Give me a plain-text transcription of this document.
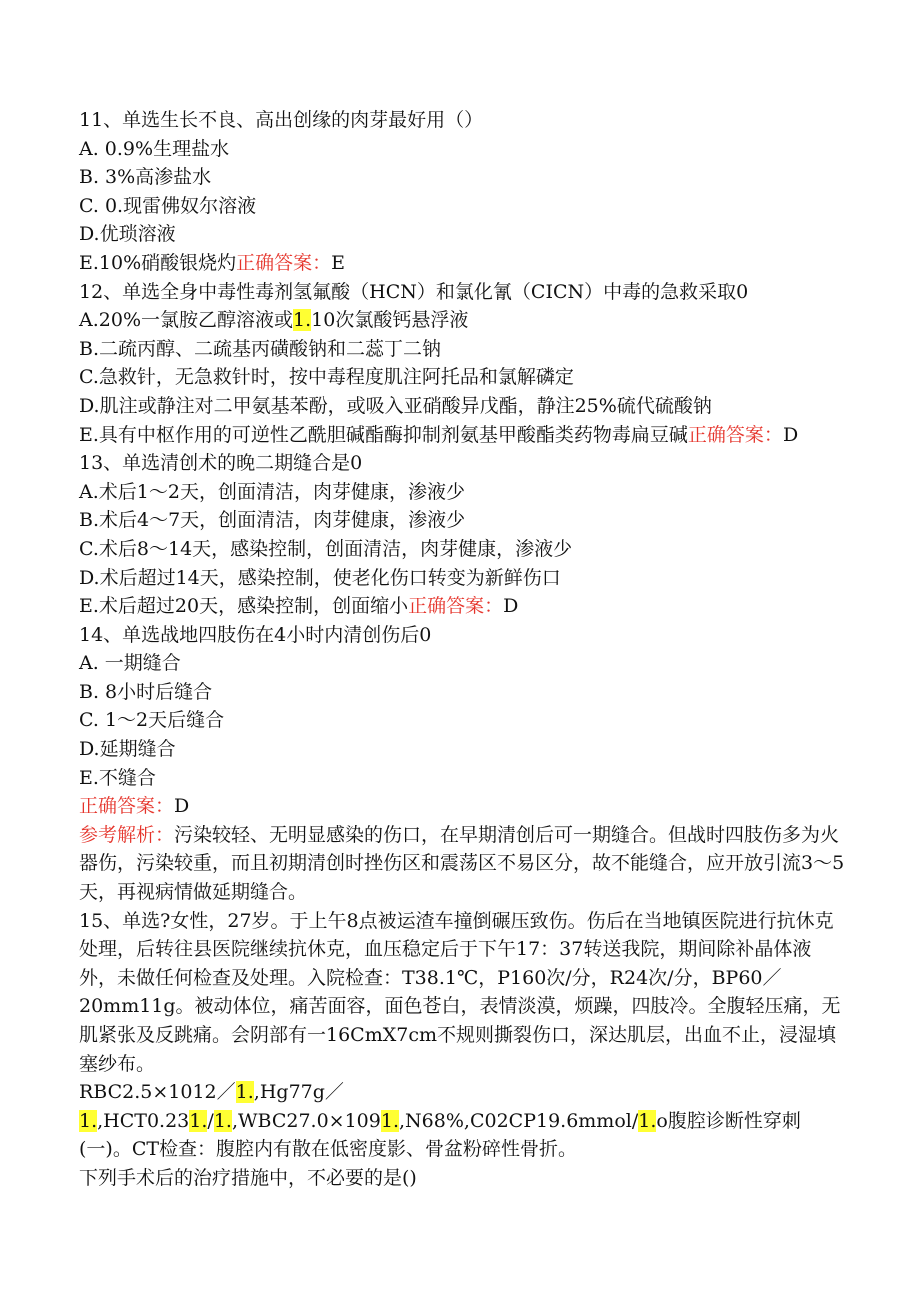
11、单选生长不良、高出创缘的肉芽最好用（）
A. 0.9%生理盐水
B. 3%高渗盐水
C. 0.现雷佛奴尔溶液
D.优琐溶液
E.10%硝酸银烧灼正确答案：E
12、单选全身中毒性毒剂氢氟酸（HCN）和氯化氰（CICN）中毒的急救采取0
A.20%一氯胺乙醇溶液或1.10次氯酸钙悬浮液
B.二疏丙醇、二疏基丙磺酸钠和二蕊丁二钠
C.急救针，无急救针时，按中毒程度肌注阿托品和氯解磷定
D.肌注或静注对二甲氨基苯酚，或吸入亚硝酸异戊酯，静注25%硫代硫酸钠
E.具有中枢作用的可逆性乙酰胆碱酯酶抑制剂氨基甲酸酯类药物毒扁豆碱正确答案：D
13、单选清创术的晚二期缝合是0
A.术后1～2天，创面清洁，肉芽健康，渗液少
B.术后4～7天，创面清洁，肉芽健康，渗液少
C.术后8～14天，感染控制，创面清洁，肉芽健康，渗液少
D.术后超过14天，感染控制，使老化伤口转变为新鲜伤口
E.术后超过20天，感染控制，创面缩小正确答案：D
14、单选战地四肢伤在4小时内清创伤后0
A. 一期缝合
B. 8小时后缝合
C. 1～2天后缝合
D.延期缝合
E.不缝合
正确答案：D
参考解析：污染较轻、无明显感染的伤口，在早期清创后可一期缝合。但战时四肢伤多为火器伤，污染较重，而且初期清创时挫伤区和震荡区不易区分，故不能缝合，应开放引流3～5天，再视病情做延期缝合。
15、单选?女性，27岁。于上午8点被运渣车撞倒碾压致伤。伤后在当地镇医院进行抗休克处理，后转往县医院继续抗休克，血压稳定后于下午17：37转送我院，期间除补晶体液外，未做任何检查及处理。入院检查：T38.1℃，P160次/分，R24次/分，BP60／20mm11g。被动体位，痛苦面容，面色苍白，表情淡漠，烦躁，四肢冷。全腹轻压痛，无肌紧张及反跳痛。会阴部有一16CmX7cm不规则撕裂伤口，深达肌层，出血不止，浸湿填塞纱布。
RBC2.5×1012／1.,Hg77g／1.,HCT0.231./1.,WBC27.0×1091.,N68%,C02CP19.6mmol/1.o腹腔诊断性穿刺(一)。CT检查：腹腔内有散在低密度影、骨盆粉碎性骨折。
下列手术后的治疗措施中，不必要的是()
